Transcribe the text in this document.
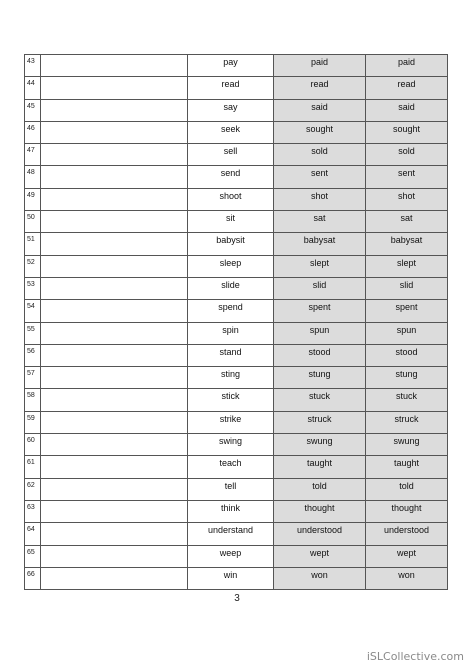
43		pay	paid	paid
44		read	read	read
45		say	said	said
46		seek	sought	sought
47		sell	sold	sold
48		send	sent	sent
49		shoot	shot	shot
50		sit	sat	sat
51		babysit	babysat	babysat
52		sleep	slept	slept
53		slide	slid	slid
54		spend	spent	spent
55		spin	spun	spun
56		stand	stood	stood
57		sting	stung	stung
58		stick	stuck	stuck
59		strike	struck	struck
60		swing	swung	swung
61		teach	taught	taught
62		tell	told	told
63		think	thought	thought
64		understand	understood	understood
65		weep	wept	wept
66		win	won	won
3
iSLCollective.com
